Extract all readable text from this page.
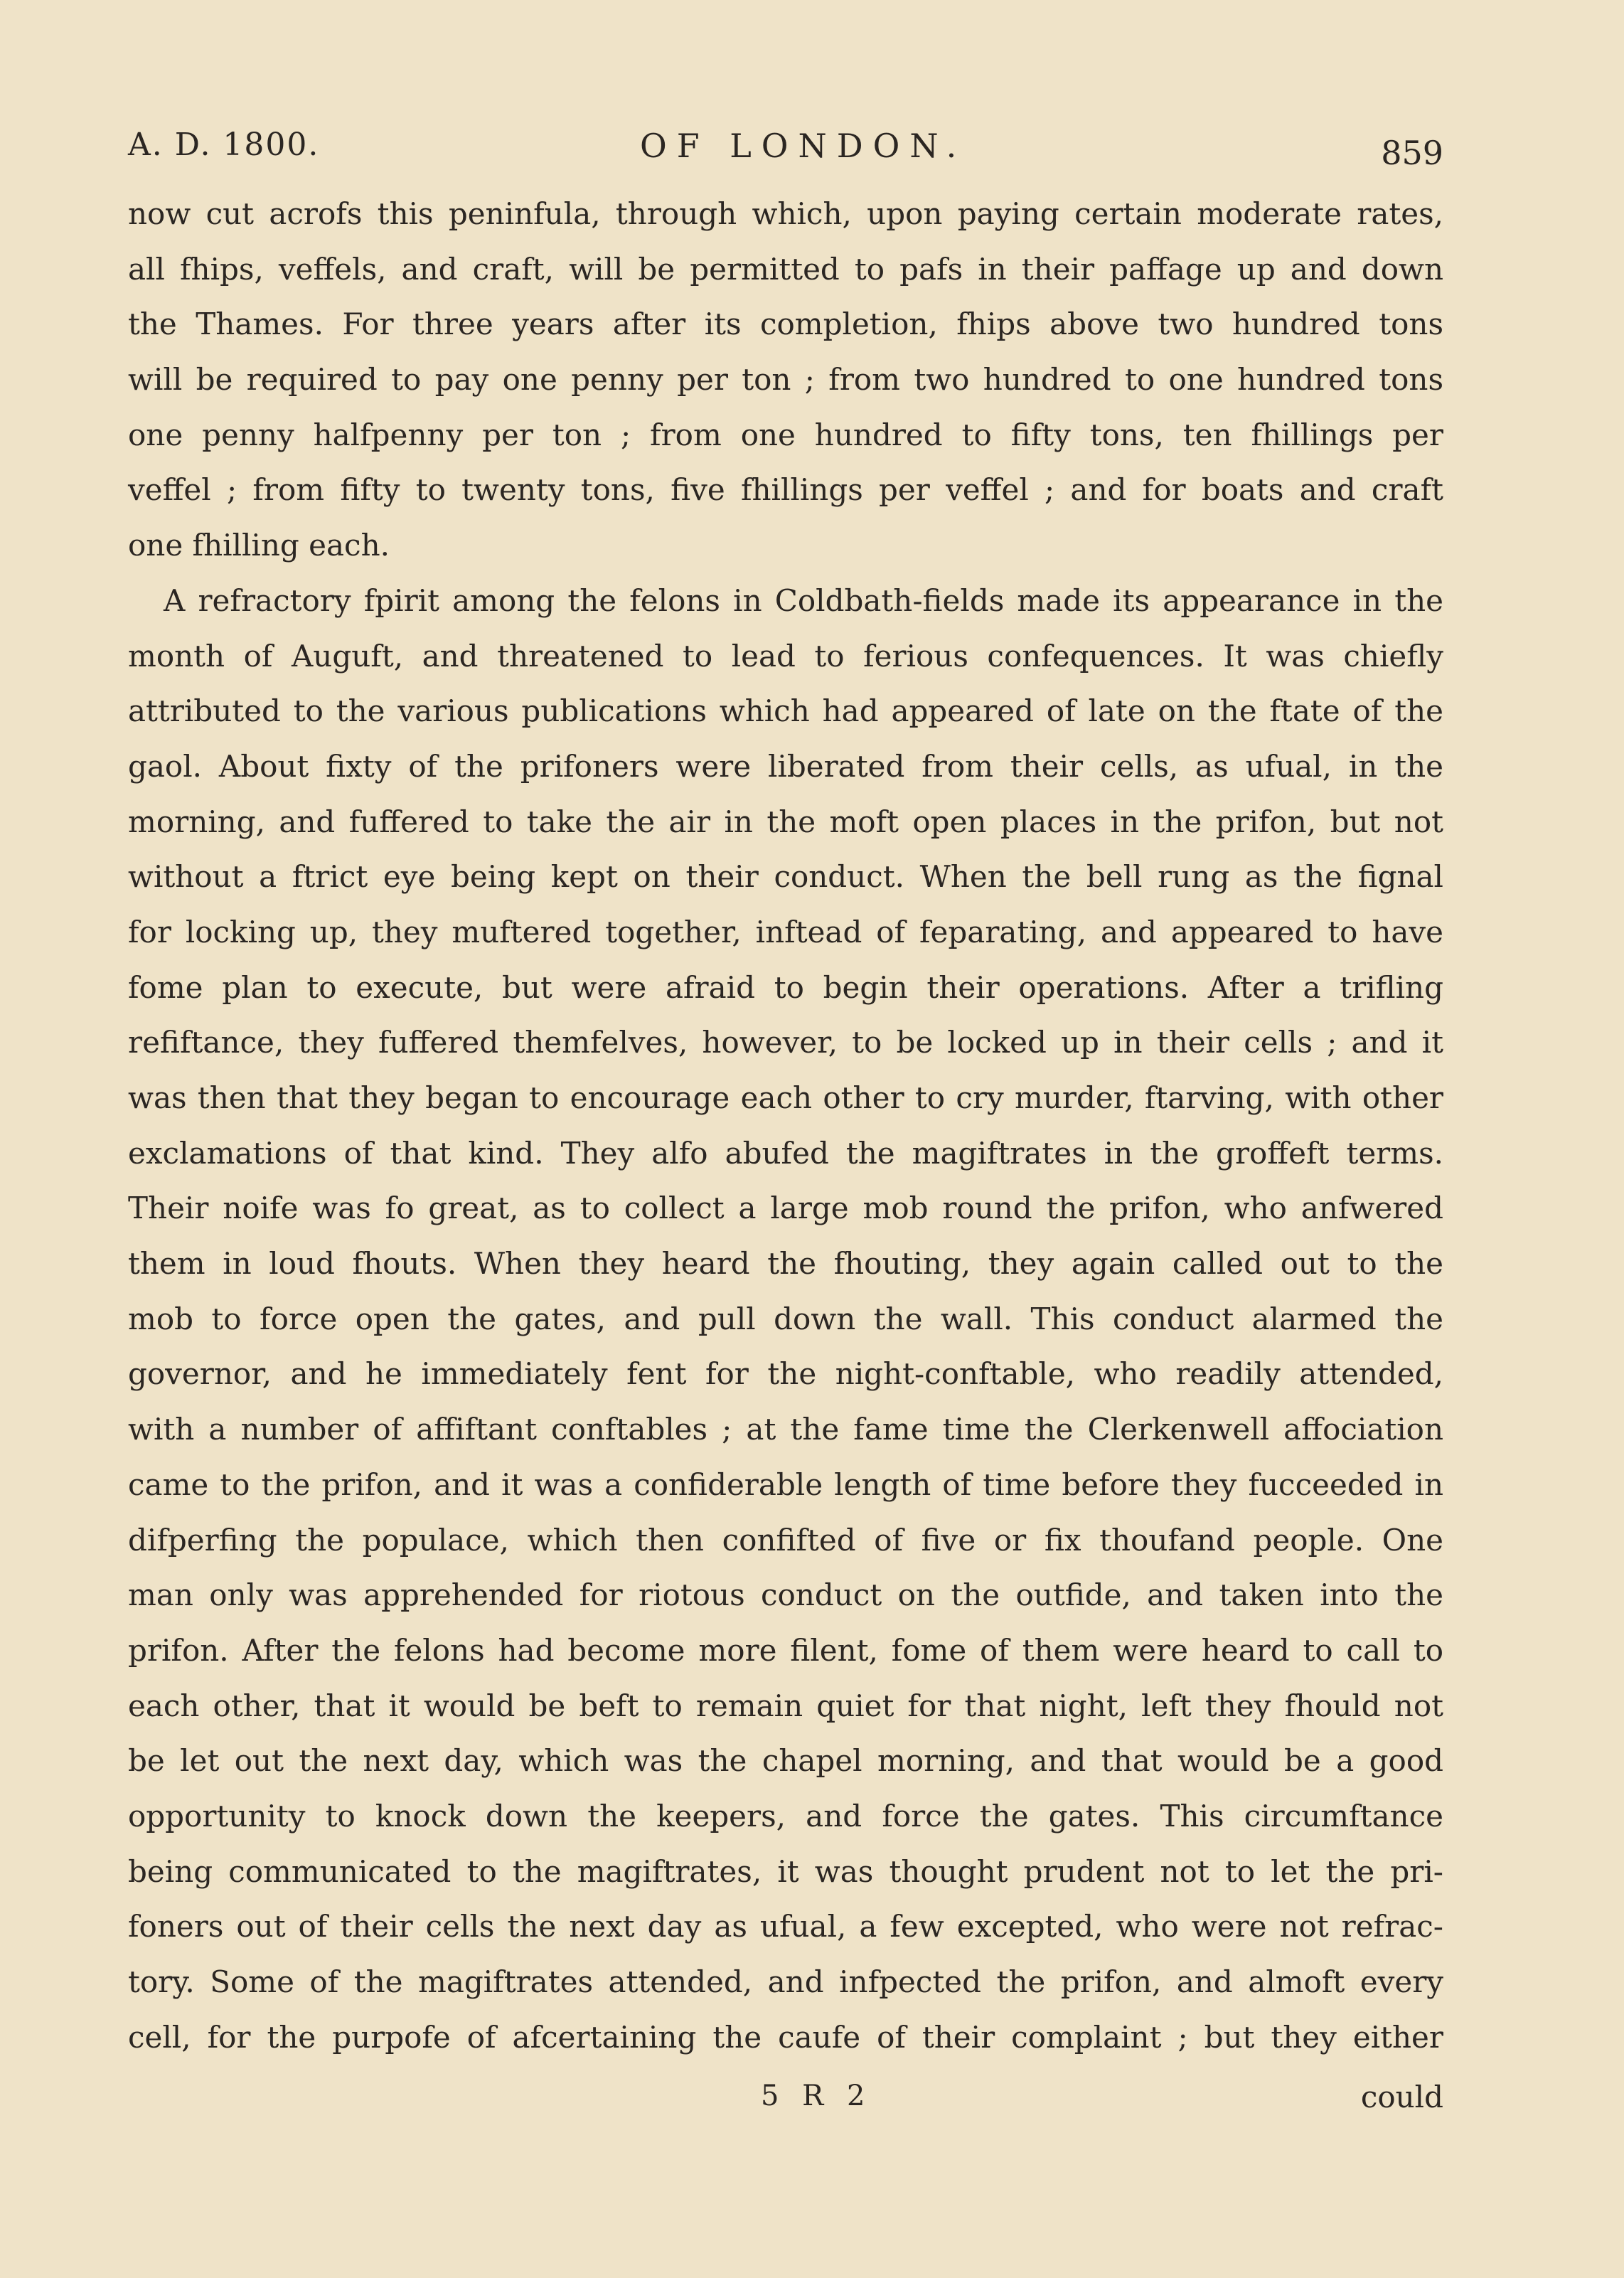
A. D. 1800.	OF LONDON.	859
now cut acrofs this peninfula, through which, upon paying certain moderate rates,
all fhips, veffels, and craft, will be permitted to pafs in their paffage up and down
the Thames. For three years after its completion, fhips above two hundred tons
will be required to pay one penny per ton ; from two hundred to one hundred tons
one penny halfpenny per ton ; from one hundred to fifty tons, ten fhillings per
veffel ; from fifty to twenty tons, five fhillings per veffel ; and for boats and craft
one fhilling each.
A refractory fpirit among the felons in Coldbath-fields made its appearance in the
month of Auguft, and threatened to lead to ferious confequences. It was chiefly
attributed to the various publications which had appeared of late on the ftate of the
gaol. About fixty of the prifoners were liberated from their cells, as ufual, in the
morning, and fuffered to take the air in the moft open places in the prifon, but not
without a ftrict eye being kept on their conduct. When the bell rung as the fignal
for locking up, they muftered together, inftead of feparating, and appeared to have
fome plan to execute, but were afraid to begin their operations. After a trifling
refiftance, they fuffered themfelves, however, to be locked up in their cells ; and it
was then that they began to encourage each other to cry murder, ftarving, with other
exclamations of that kind. They alfo abufed the magiftrates in the groffeft terms.
Their noife was fo great, as to collect a large mob round the prifon, who anfwered
them in loud fhouts. When they heard the fhouting, they again called out to the
mob to force open the gates, and pull down the wall. This conduct alarmed the
governor, and he immediately fent for the night-conftable, who readily attended,
with a number of affiftant conftables ; at the fame time the Clerkenwell affociation
came to the prifon, and it was a confiderable length of time before they fucceeded in
difperfing the populace, which then confifted of five or fix thoufand people. One
man only was apprehended for riotous conduct on the outfide, and taken into the
prifon. After the felons had become more filent, fome of them were heard to call to
each other, that it would be beft to remain quiet for that night, left they fhould not
be let out the next day, which was the chapel morning, and that would be a good
opportunity to knock down the keepers, and force the gates. This circumftance
being communicated to the magiftrates, it was thought prudent not to let the pri-
foners out of their cells the next day as ufual, a few excepted, who were not refrac-
tory. Some of the magiftrates attended, and infpected the prifon, and almoft every
cell, for the purpofe of afcertaining the caufe of their complaint ; but they either
5 R 2	could
